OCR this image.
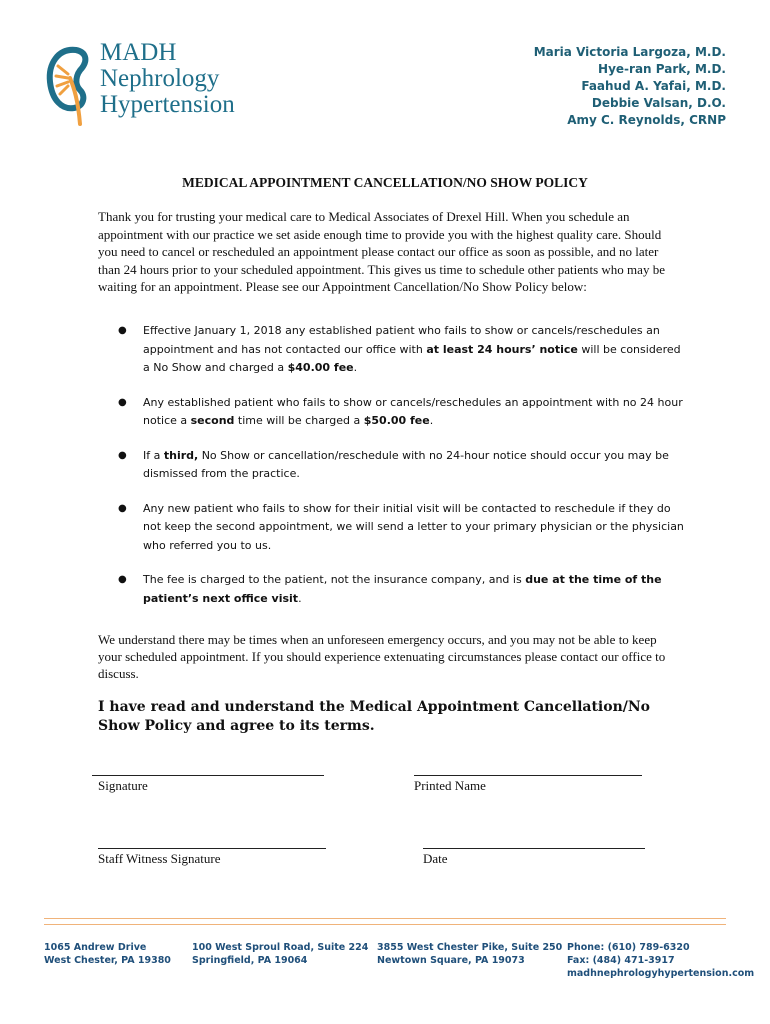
MADH
Nephrology
Hypertension
Maria Victoria Largoza, M.D.
Hye-ran Park, M.D.
Faahud A. Yafai, M.D.
Debbie Valsan, D.O.
Amy C. Reynolds, CRNP
MEDICAL APPOINTMENT CANCELLATION/NO SHOW POLICY

Thank you for trusting your medical care to Medical Associates of Drexel Hill. When you schedule an appointment with our practice we set aside enough time to provide you with the highest quality care. Should you need to cancel or rescheduled an appointment please contact our office as soon as possible, and no later than 24 hours prior to your scheduled appointment. This gives us time to schedule other patients who may be waiting for an appointment. Please see our Appointment Cancellation/No Show Policy below:

● Effective January 1, 2018 any established patient who fails to show or cancels/reschedules an appointment and has not contacted our office with at least 24 hours’ notice will be considered a No Show and charged a $40.00 fee.
● Any established patient who fails to show or cancels/reschedules an appointment with no 24 hour notice a second time will be charged a $50.00 fee.
● If a third, No Show or cancellation/reschedule with no 24-hour notice should occur you may be dismissed from the practice.
● Any new patient who fails to show for their initial visit will be contacted to reschedule if they do not keep the second appointment, we will send a letter to your primary physician or the physician who referred you to us.
● The fee is charged to the patient, not the insurance company, and is due at the time of the patient’s next office visit.

We understand there may be times when an unforeseen emergency occurs, and you may not be able to keep your scheduled appointment. If you should experience extenuating circumstances please contact our office to discuss.

I have read and understand the Medical Appointment Cancellation/No Show Policy and agree to its terms.

Signature	Printed Name
Staff Witness Signature	Date
1065 Andrew Drive
West Chester, PA 19380
100 West Sproul Road, Suite 224
Springfield, PA 19064
3855 West Chester Pike, Suite 250
Newtown Square, PA 19073
Phone: (610) 789-6320
Fax: (484) 471-3917
madhnephrologyhypertension.com
